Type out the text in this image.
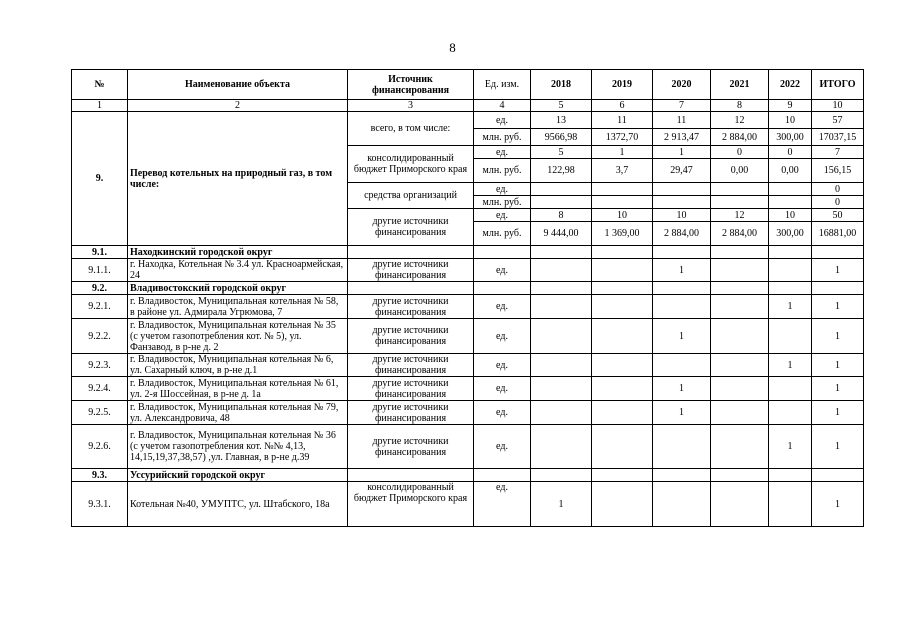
8
№	Наименование объекта	Источник финансирования	Ед. изм.	2018	2019	2020	2021	2022	ИТОГО
1	2	3	4	5	6	7	8	9	10
9.	Перевод котельных на природный газ, в том числе:	всего, в том числе:	ед.	13	11	11	12	10	57
			млн. руб.	9566,98	1372,70	2 913,47	2 884,00	300,00	17037,15
		консолидированный бюджет Приморского края	ед.	5	1	1	0	0	7
			млн. руб.	122,98	3,7	29,47	0,00	0,00	156,15
		средства организаций	ед.						0
			млн. руб.						0
		другие источники финансирования	ед.	8	10	10	12	10	50
			млн. руб.	9 444,00	1 369,00	2 884,00	2 884,00	300,00	16881,00
9.1.	Находкинский городской округ								
9.1.1.	г. Находка, Котельная № 3.4 ул. Красноармейская, 24	другие источники финансирования	ед.			1			1
9.2.	Владивостокский городской округ								
9.2.1.	г. Владивосток, Муниципальная котельная № 58, в районе ул. Адмирала Угрюмова, 7	другие источники финансирования	ед.					1	1
9.2.2.	г. Владивосток, Муниципальная котельная № 35 (с учетом газопотребления кот. № 5), ул. Фанзавод, в р-не д. 2	другие источники финансирования	ед.			1			1
9.2.3.	г. Владивосток, Муниципальная котельная № 6, ул. Сахарный ключ, в р-не д.1	другие источники финансирования	ед.					1	1
9.2.4.	г. Владивосток, Муниципальная котельная № 61, ул. 2-я Шоссейная, в р-не д. 1а	другие источники финансирования	ед.			1			1
9.2.5.	г. Владивосток, Муниципальная котельная № 79, ул. Александровича, 48	другие источники финансирования	ед.			1			1
9.2.6.	г. Владивосток, Муниципальная котельная № 36 (с учетом газопотребления кот. №№ 4,13, 14,15,19,37,38,57) ,ул. Главная, в р-не д.39	другие источники финансирования	ед.					1	1
9.3.	Уссурийский городской округ								
9.3.1.	Котельная №40, УМУПТС, ул. Штабского, 18а	консолидированный бюджет Приморского края	ед.	1					1
